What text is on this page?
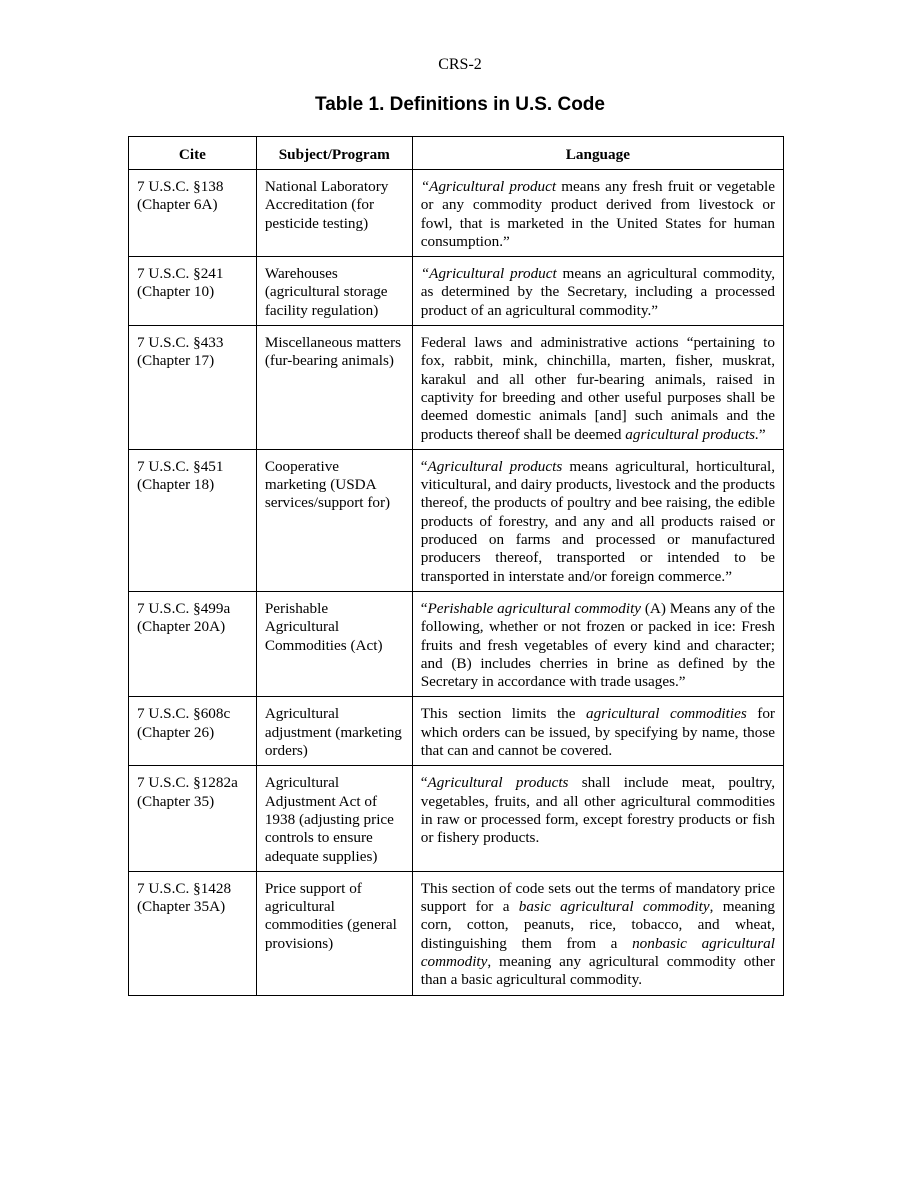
CRS-2
Table 1. Definitions in U.S. Code
Cite	Subject/Program	Language

7 U.S.C. §138
(Chapter 6A)	National Laboratory Accreditation (for pesticide testing)	“Agricultural product means any fresh fruit or vegetable or any commodity product derived from livestock or fowl, that is marketed in the United States for human consumption.”

7 U.S.C. §241
(Chapter 10)	Warehouses (agricultural storage facility regulation)	“Agricultural product means an agricultural commodity, as determined by the Secretary, including a processed product of an agricultural commodity.”

7 U.S.C. §433
(Chapter 17)	Miscellaneous matters (fur-bearing animals)	Federal laws and administrative actions “pertaining to fox, rabbit, mink, chinchilla, marten, fisher, muskrat, karakul and all other fur-bearing animals, raised in captivity for breeding and other useful purposes shall be deemed domestic animals [and] such animals and the products thereof shall be deemed agricultural products.”

7 U.S.C. §451
(Chapter 18)	Cooperative marketing (USDA services/support for)	“Agricultural products means agricultural, horticultural, viticultural, and dairy products, livestock and the products thereof, the products of poultry and bee raising, the edible products of forestry, and any and all products raised or produced on farms and processed or manufactured producers thereof, transported or intended to be transported in interstate and/or foreign commerce.”

7 U.S.C. §499a
(Chapter 20A)	Perishable Agricultural Commodities (Act)	“Perishable agricultural commodity (A) Means any of the following, whether or not frozen or packed in ice: Fresh fruits and fresh vegetables of every kind and character; and (B) includes cherries in brine as defined by the Secretary in accordance with trade usages.”

7 U.S.C. §608c
(Chapter 26)	Agricultural adjustment (marketing orders)	This section limits the agricultural commodities for which orders can be issued, by specifying by name, those that can and cannot be covered.

7 U.S.C. §1282a
(Chapter 35)	Agricultural Adjustment Act of 1938 (adjusting price controls to ensure adequate supplies)	“Agricultural products shall include meat, poultry, vegetables, fruits, and all other agricultural commodities in raw or processed form, except forestry products or fish or fishery products.

7 U.S.C. §1428
(Chapter 35A)	Price support of agricultural commodities (general provisions)	This section of code sets out the terms of mandatory price support for a basic agricultural commodity, meaning corn, cotton, peanuts, rice, tobacco, and wheat, distinguishing them from a nonbasic agricultural commodity, meaning any agricultural commodity other than a basic agricultural commodity.
